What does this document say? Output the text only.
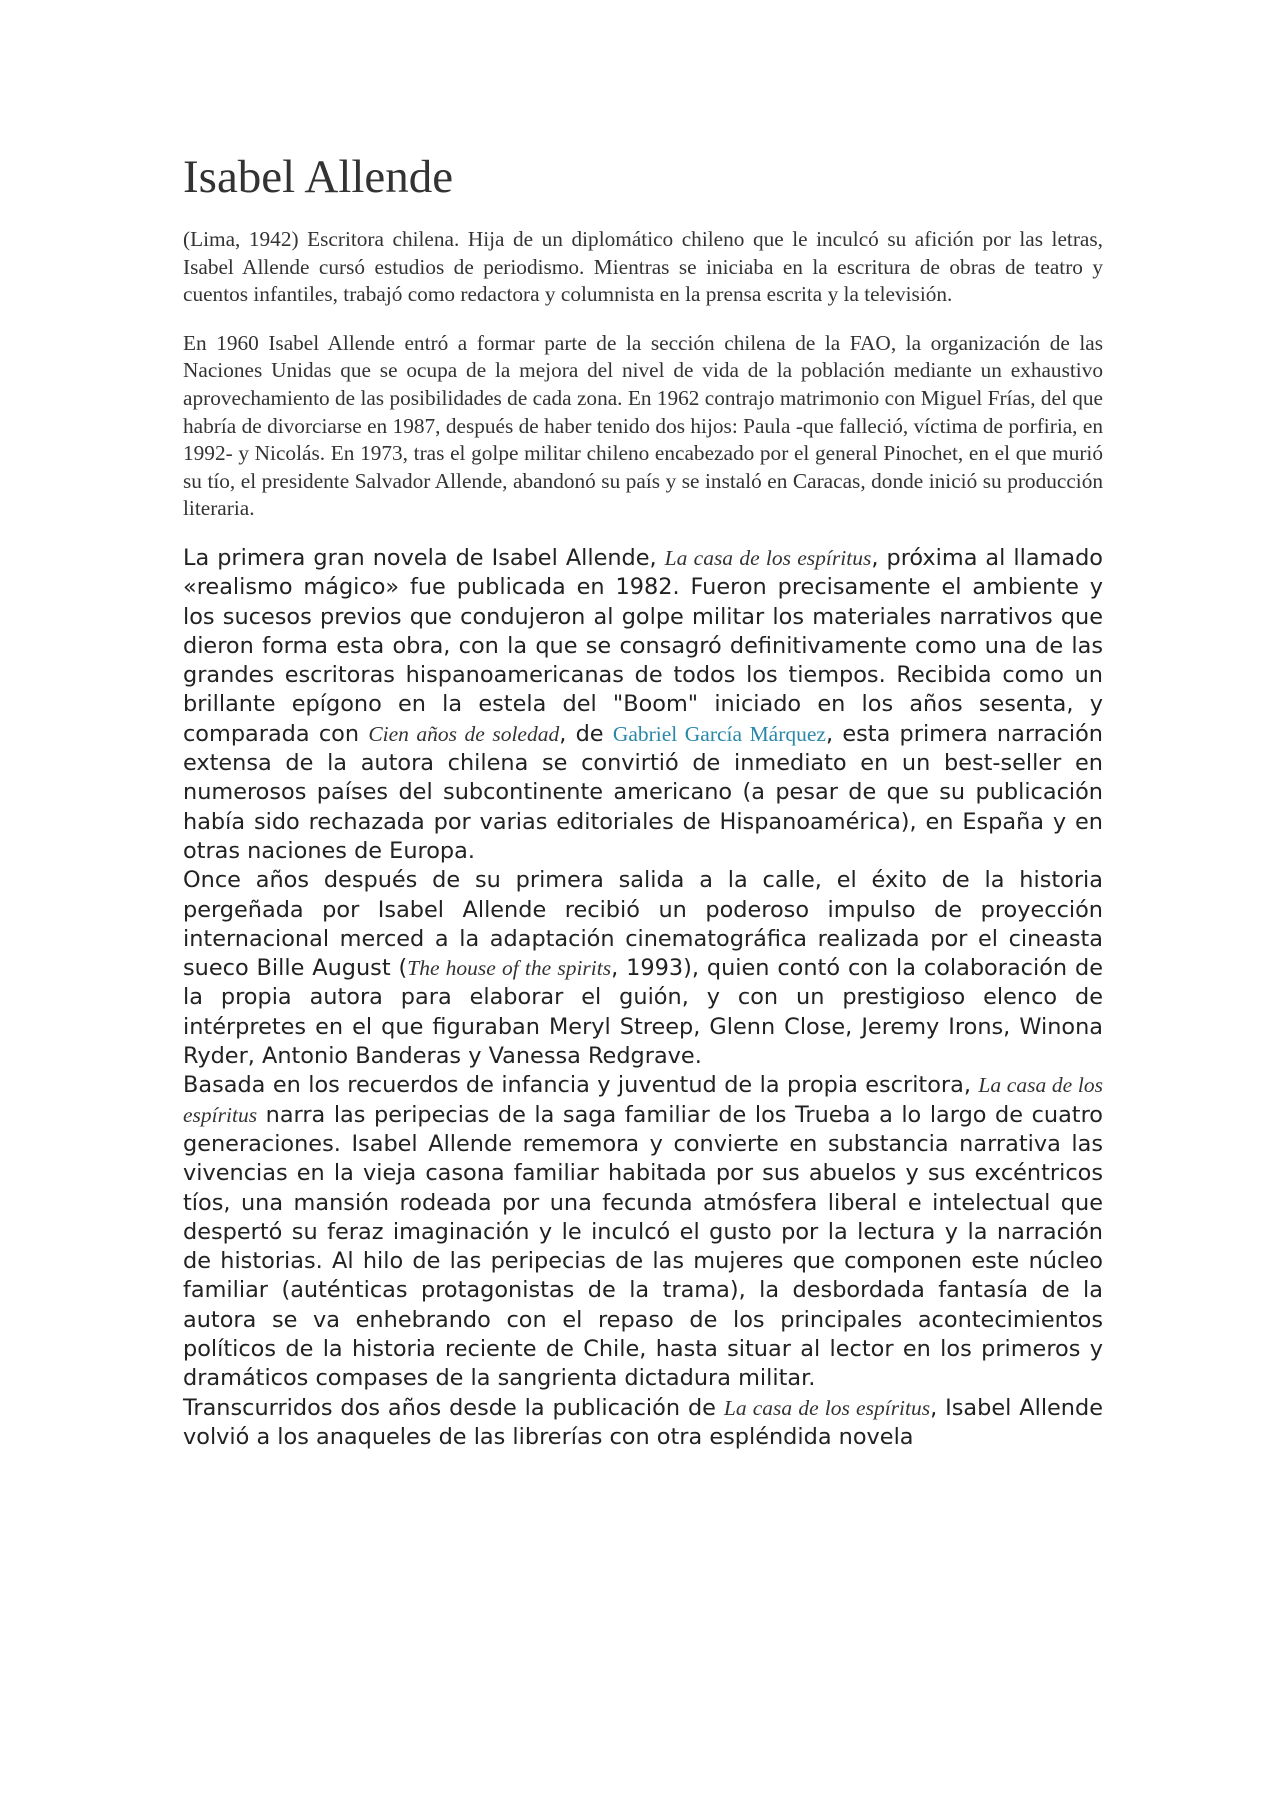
Isabel Allende

(Lima, 1942) Escritora chilena. Hija de un diplomático chileno que le inculcó su afición por las letras, Isabel Allende cursó estudios de periodismo. Mientras se iniciaba en la escritura de obras de teatro y cuentos infantiles, trabajó como redactora y columnista en la prensa escrita y la televisión.

En 1960 Isabel Allende entró a formar parte de la sección chilena de la FAO, la organización de las Naciones Unidas que se ocupa de la mejora del nivel de vida de la población mediante un exhaustivo aprovechamiento de las posibilidades de cada zona. En 1962 contrajo matrimonio con Miguel Frías, del que habría de divorciarse en 1987, después de haber tenido dos hijos: Paula -que falleció, víctima de porfiria, en 1992- y Nicolás. En 1973, tras el golpe militar chileno encabezado por el general Pinochet, en el que murió su tío, el presidente Salvador Allende, abandonó su país y se instaló en Caracas, donde inició su producción literaria.

La primera gran novela de Isabel Allende, La casa de los espíritus, próxima al llamado «realismo mágico» fue publicada en 1982. Fueron precisamente el ambiente y los sucesos previos que condujeron al golpe militar los materiales narrativos que dieron forma esta obra, con la que se consagró definitivamente como una de las grandes escritoras hispanoamericanas de todos los tiempos. Recibida como un brillante epígono en la estela del "Boom" iniciado en los años sesenta, y comparada con Cien años de soledad, de Gabriel García Márquez, esta primera narración extensa de la autora chilena se convirtió de inmediato en un best-seller en numerosos países del subcontinente americano (a pesar de que su publicación había sido rechazada por varias editoriales de Hispanoamérica), en España y en otras naciones de Europa.

Once años después de su primera salida a la calle, el éxito de la historia pergeñada por Isabel Allende recibió un poderoso impulso de proyección internacional merced a la adaptación cinematográfica realizada por el cineasta sueco Bille August (The house of the spirits, 1993), quien contó con la colaboración de la propia autora para elaborar el guión, y con un prestigioso elenco de intérpretes en el que figuraban Meryl Streep, Glenn Close, Jeremy Irons, Winona Ryder, Antonio Banderas y Vanessa Redgrave.

Basada en los recuerdos de infancia y juventud de la propia escritora, La casa de los espíritus narra las peripecias de la saga familiar de los Trueba a lo largo de cuatro generaciones. Isabel Allende rememora y convierte en substancia narrativa las vivencias en la vieja casona familiar habitada por sus abuelos y sus excéntricos tíos, una mansión rodeada por una fecunda atmósfera liberal e intelectual que despertó su feraz imaginación y le inculcó el gusto por la lectura y la narración de historias. Al hilo de las peripecias de las mujeres que componen este núcleo familiar (auténticas protagonistas de la trama), la desbordada fantasía de la autora se va enhebrando con el repaso de los principales acontecimientos políticos de la historia reciente de Chile, hasta situar al lector en los primeros y dramáticos compases de la sangrienta dictadura militar.

Transcurridos dos años desde la publicación de La casa de los espíritus, Isabel Allende volvió a los anaqueles de las librerías con otra espléndida novela
